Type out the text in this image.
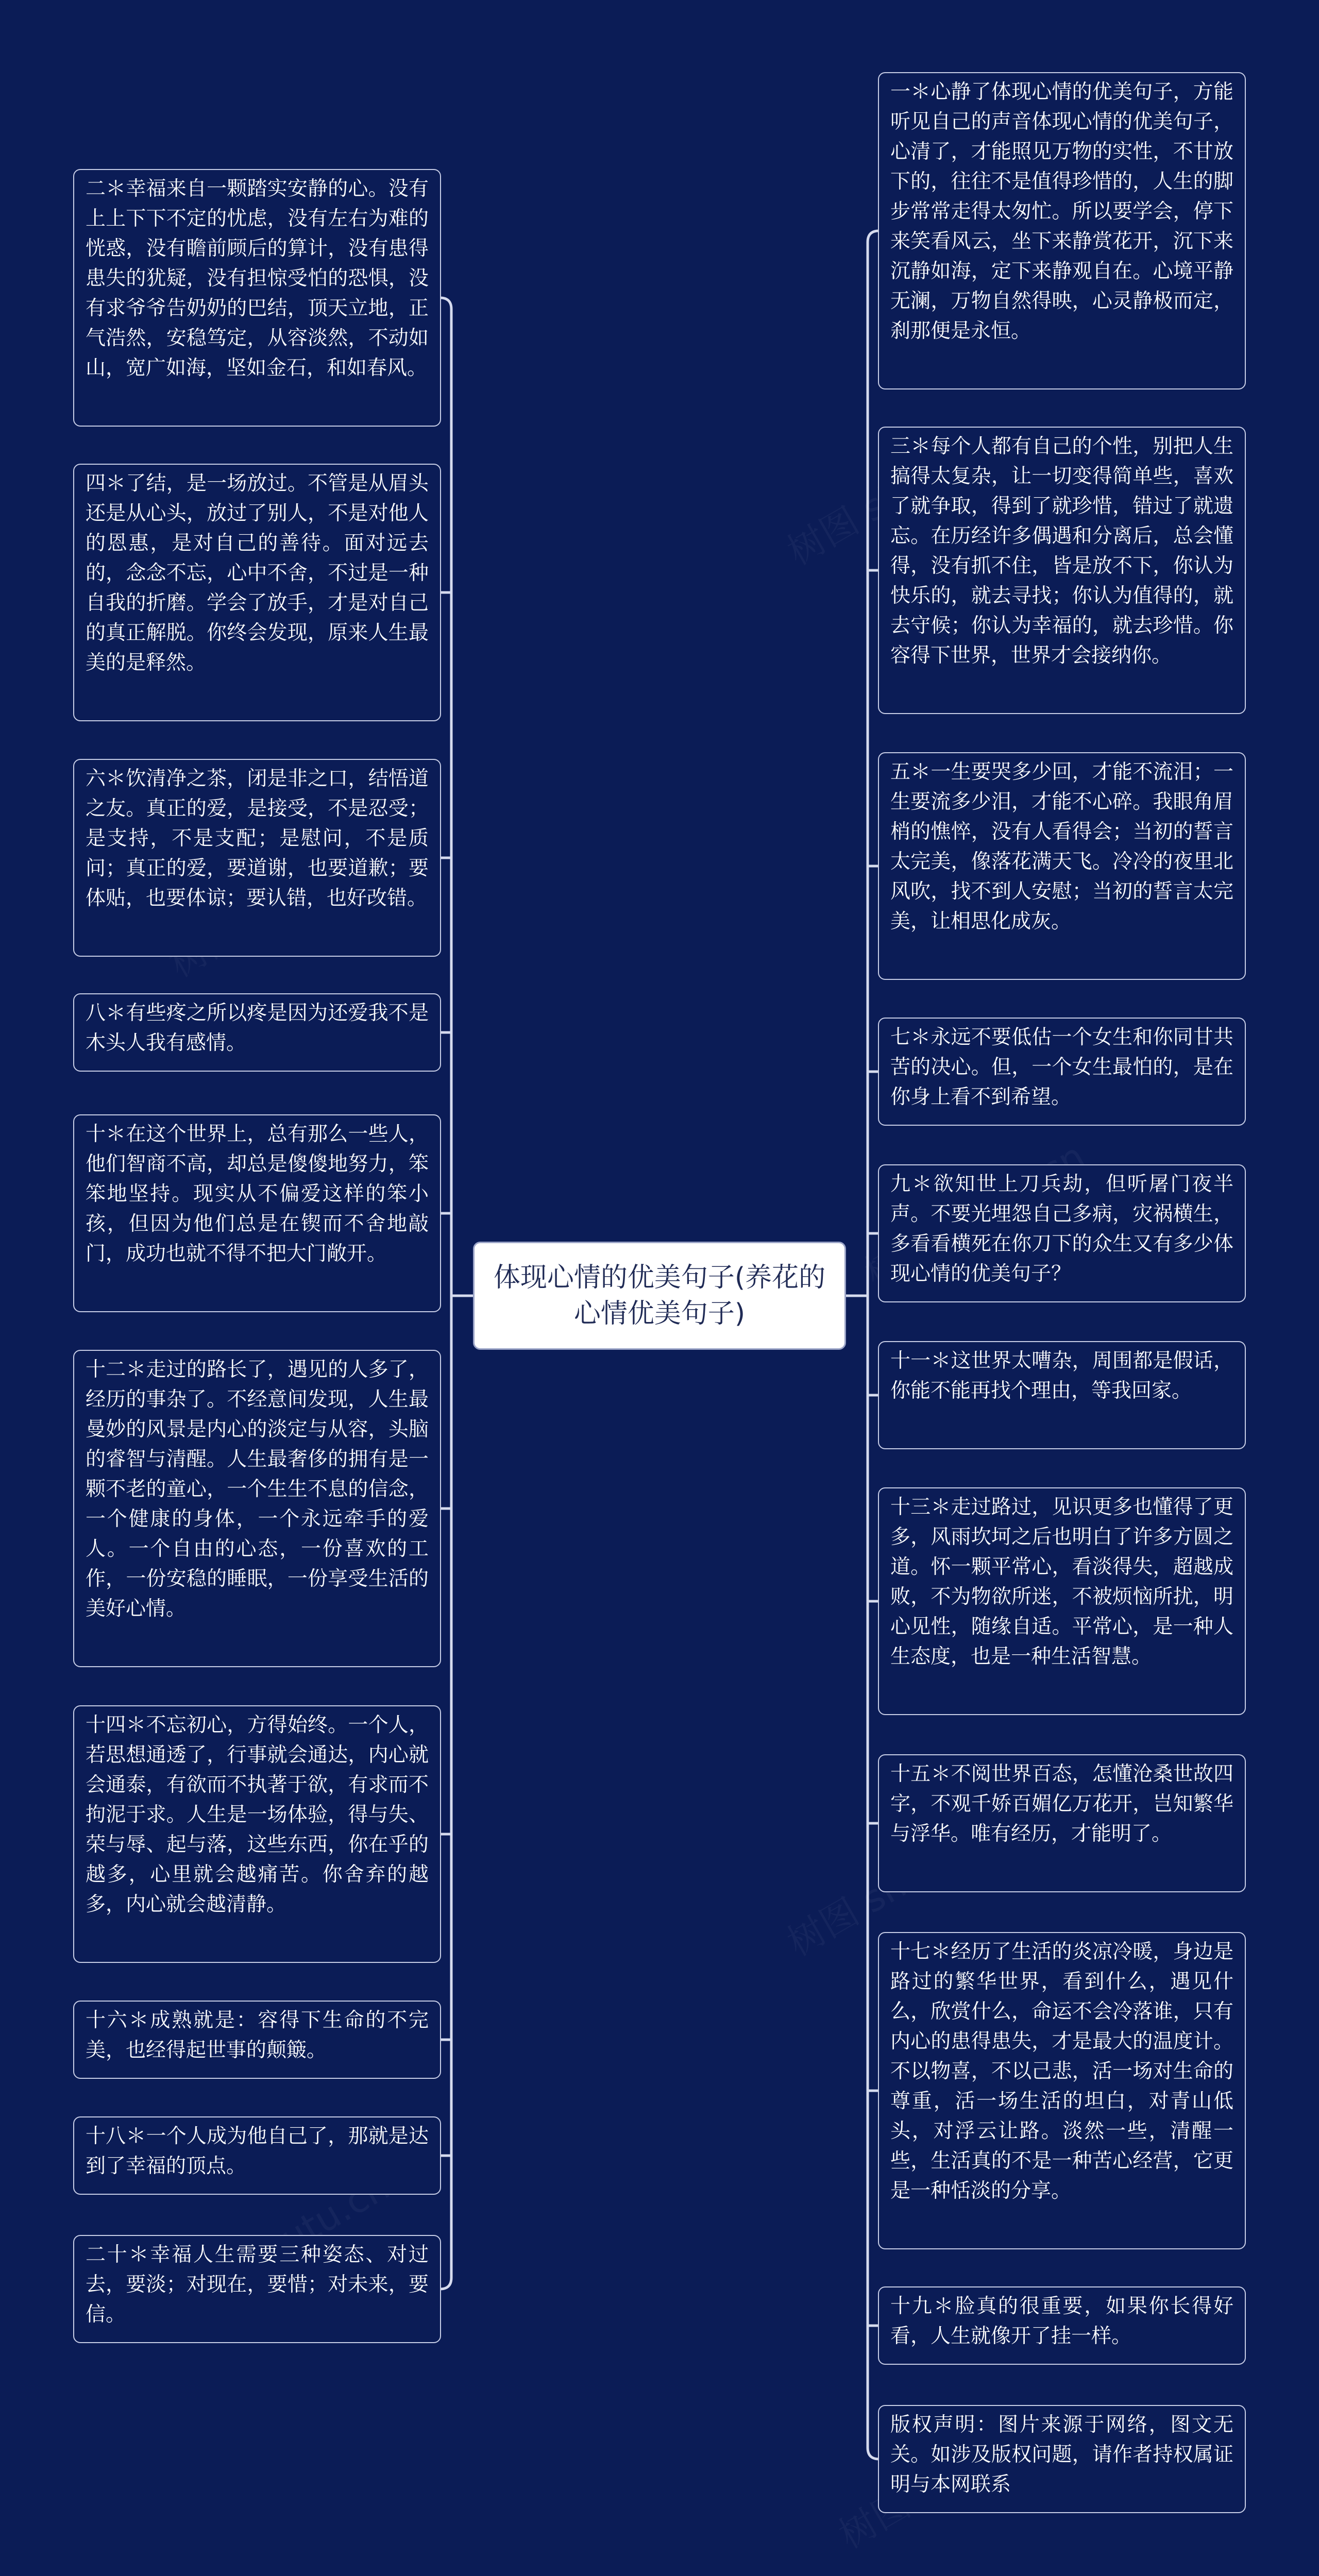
体现心情的优美句子(养花的心情优美句子)
二＊幸福来自一颗踏实安静的心。没有上上下下不定的忧虑，没有左右为难的恍惑，没有瞻前顾后的算计，没有患得患失的犹疑，没有担惊受怕的恐惧，没有求爷爷告奶奶的巴结，顶天立地，正气浩然，安稳笃定，从容淡然，不动如山，宽广如海，坚如金石，和如春风。
四＊了结，是一场放过。不管是从眉头还是从心头，放过了别人，不是对他人的恩惠，是对自己的善待。面对远去的，念念不忘，心中不舍，不过是一种自我的折磨。学会了放手，才是对自己的真正解脱。你终会发现，原来人生最美的是释然。
六＊饮清净之茶，闭是非之口，结悟道之友。真正的爱，是接受，不是忍受；是支持，不是支配；是慰问，不是质问；真正的爱，要道谢，也要道歉；要体贴，也要体谅；要认错，也好改错。
八＊有些疼之所以疼是因为还爱我不是木头人我有感情。
十＊在这个世界上，总有那么一些人，他们智商不高，却总是傻傻地努力，笨笨地坚持。现实从不偏爱这样的笨小孩，但因为他们总是在锲而不舍地敲门，成功也就不得不把大门敞开。
十二＊走过的路长了，遇见的人多了，经历的事杂了。不经意间发现，人生最曼妙的风景是内心的淡定与从容，头脑的睿智与清醒。人生最奢侈的拥有是一颗不老的童心，一个生生不息的信念，一个健康的身体，一个永远牵手的爱人。一个自由的心态，一份喜欢的工作，一份安稳的睡眠，一份享受生活的美好心情。
十四＊不忘初心，方得始终。一个人，若思想通透了，行事就会通达，内心就会通泰，有欲而不执著于欲，有求而不拘泥于求。人生是一场体验，得与失、荣与辱、起与落，这些东西，你在乎的越多，心里就会越痛苦。你舍弃的越多，内心就会越清静。
十六＊成熟就是：容得下生命的不完美，也经得起世事的颠簸。
十八＊一个人成为他自己了，那就是达到了幸福的顶点。
二十＊幸福人生需要三种姿态、对过去，要淡；对现在，要惜；对未来，要信。
一＊心静了体现心情的优美句子，方能听见自己的声音体现心情的优美句子，心清了，才能照见万物的实性，不甘放下的，往往不是值得珍惜的，人生的脚步常常走得太匆忙。所以要学会，停下来笑看风云，坐下来静赏花开，沉下来沉静如海，定下来静观自在。心境平静无澜，万物自然得映，心灵静极而定，刹那便是永恒。
三＊每个人都有自己的个性，别把人生搞得太复杂，让一切变得简单些，喜欢了就争取，得到了就珍惜，错过了就遗忘。在历经许多偶遇和分离后，总会懂得，没有抓不住，皆是放不下，你认为快乐的，就去寻找；你认为值得的，就去守候；你认为幸福的，就去珍惜。你容得下世界，世界才会接纳你。
五＊一生要哭多少回，才能不流泪；一生要流多少泪，才能不心碎。我眼角眉梢的憔悴，没有人看得会；当初的誓言太完美，像落花满天飞。冷冷的夜里北风吹，找不到人安慰；当初的誓言太完美，让相思化成灰。
七＊永远不要低估一个女生和你同甘共苦的决心。但，一个女生最怕的，是在你身上看不到希望。
九＊欲知世上刀兵劫，但听屠门夜半声。不要光埋怨自己多病，灾祸横生，多看看横死在你刀下的众生又有多少体现心情的优美句子？
十一＊这世界太嘈杂，周围都是假话，你能不能再找个理由，等我回家。
十三＊走过路过，见识更多也懂得了更多，风雨坎坷之后也明白了许多方圆之道。怀一颗平常心，看淡得失，超越成败，不为物欲所迷，不被烦恼所扰，明心见性，随缘自适。平常心，是一种人生态度，也是一种生活智慧。
十五＊不阅世界百态，怎懂沧桑世故四字，不观千娇百媚亿万花开，岂知繁华与浮华。唯有经历，才能明了。
十七＊经历了生活的炎凉冷暖，身边是路过的繁华世界，看到什么，遇见什么，欣赏什么，命运不会冷落谁，只有内心的患得患失，才是最大的温度计。不以物喜，不以己悲，活一场对生命的尊重，活一场生活的坦白，对青山低头，对浮云让路。淡然一些，清醒一些，生活真的不是一种苦心经营，它更是一种恬淡的分享。
十九＊脸真的很重要，如果你长得好看，人生就像开了挂一样。
版权声明：图片来源于网络，图文无关。如涉及版权问题，请作者持权属证明与本网联系
